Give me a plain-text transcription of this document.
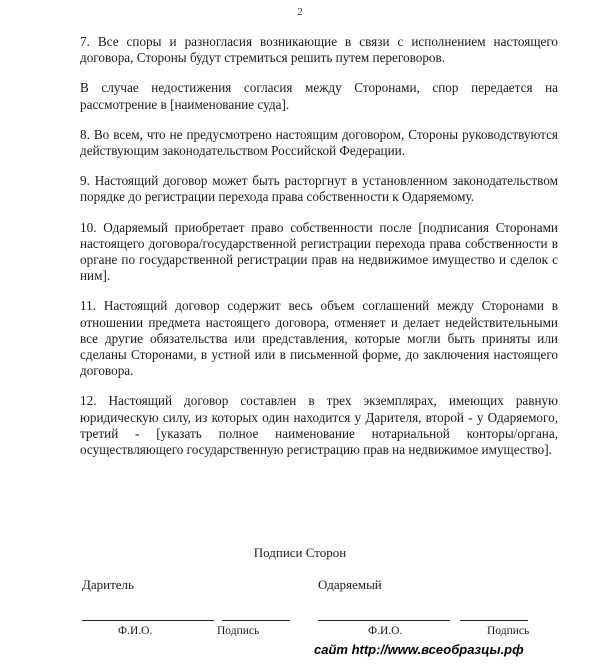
2

7. Все споры и разногласия возникающие в связи с исполнением настоящего договора, Стороны будут стремиться решить путем переговоров.

В случае недостижения согласия между Сторонами, спор передается на рассмотрение в [наименование суда].

8. Во всем, что не предусмотрено настоящим договором, Стороны руководствуются действующим законодательством Российской Федерации.

9. Настоящий договор может быть расторгнут в установленном законодательством порядке до регистрации перехода права собственности к Одаряемому.

10. Одаряемый приобретает право собственности после [подписания Сторонами настоящего договора/государственной регистрации перехода права собственности в органе по государственной регистрации прав на недвижимое имущество и сделок с ним].

11. Настоящий договор содержит весь объем соглашений между Сторонами в отношении предмета настоящего договора, отменяет и делает недействительными все другие обязательства или представления, которые могли быть приняты или сделаны Сторонами, в устной или в письменной форме, до заключения настоящего договора.

12. Настоящий договор составлен в трех экземплярах, имеющих равную юридическую силу, из которых один находится у Дарителя, второй - у Одаряемого, третий - [указать полное наименование нотариальной конторы/органа, осуществляющего государственную регистрацию прав на недвижимое имущество].

Подписи Сторон
Даритель	Одаряемый
Ф.И.О.	Подпись	Ф.И.О.	Подпись
сайт http://www.всеобразцы.рф
